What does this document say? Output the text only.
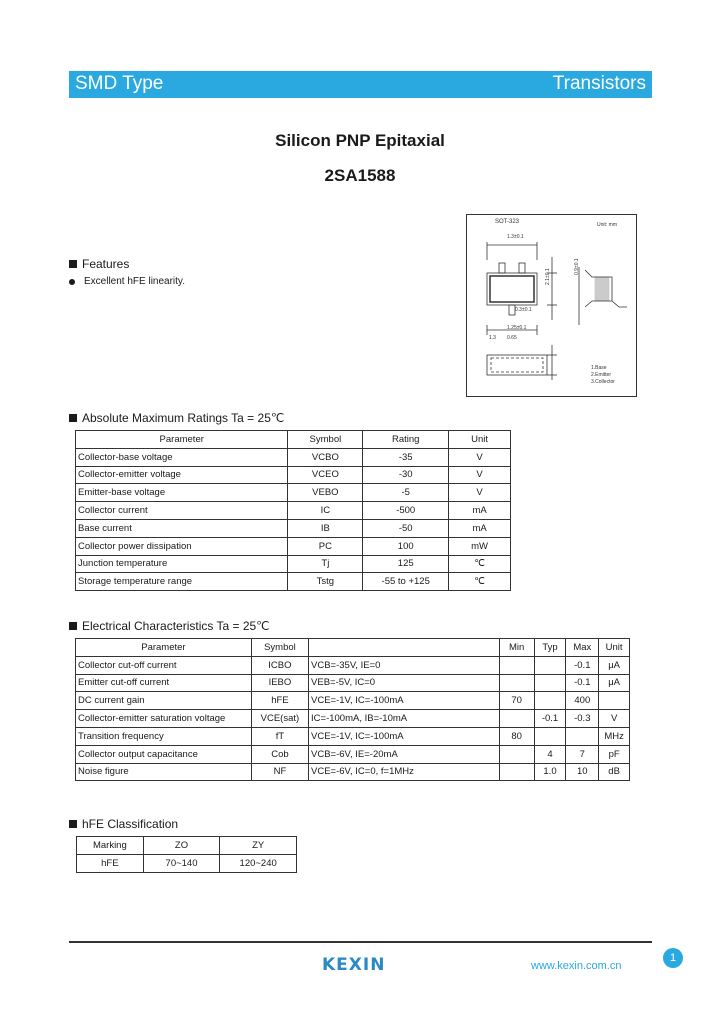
SMD Type	Transistors
Silicon PNP Epitaxial
2SA1588
Features
Excellent hFE linearity.
SOT-323	Unit: mm
1.3±0.1
2.1±0.1
1.25±0.1
0.3±0.1
0.9±0.1
0.65
1.3
1.Base
2.Emitter
3.Collector
Absolute Maximum Ratings Ta = 25℃
Parameter	Symbol	Rating	Unit
Collector-base voltage	VCBO	-35	V
Collector-emitter voltage	VCEO	-30	V
Emitter-base voltage	VEBO	-5	V
Collector current	IC	-500	mA
Base current	IB	-50	mA
Collector power dissipation	PC	100	mW
Junction temperature	Tj	125	℃
Storage temperature range	Tstg	-55 to +125	℃
Electrical Characteristics Ta = 25℃
Parameter	Symbol		Min	Typ	Max	Unit
Collector cut-off current	ICBO	VCB=-35V, IE=0			-0.1	μA
Emitter cut-off current	IEBO	VEB=-5V, IC=0			-0.1	μA
DC current gain	hFE	VCE=-1V, IC=-100mA	70		400	
Collector-emitter saturation voltage	VCE(sat)	IC=-100mA, IB=-10mA		-0.1	-0.3	V
Transition frequency	fT	VCE=-1V, IC=-100mA	80			MHz
Collector output capacitance	Cob	VCB=-6V, IE=-20mA		4	7	pF
Noise figure	NF	VCE=-6V, IC=0, f=1MHz		1.0	10	dB
hFE Classification
Marking	ZO	ZY
hFE	70~140	120~240
KEXIN	www.kexin.com.cn
1
